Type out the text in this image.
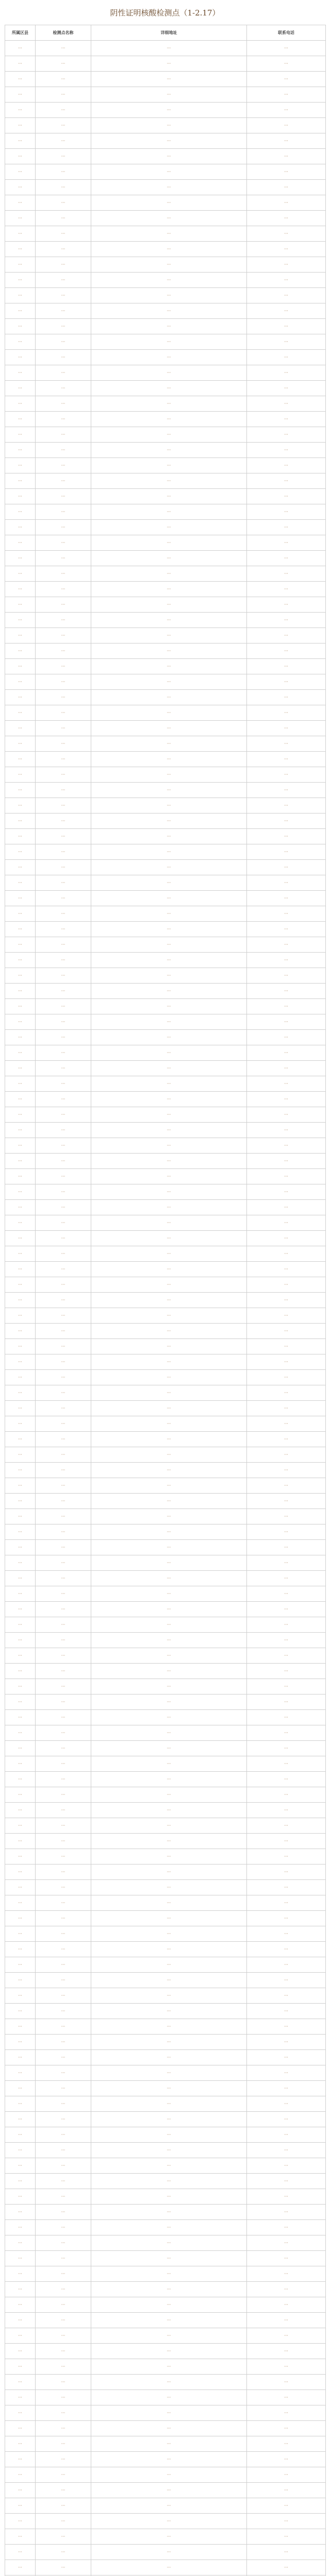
阴性证明核酸检测点（1-2.17）
所属区县	检测点名称	详细地址	联系电话
···	···	···	···
···	···	···	···
···	···	···	···
···	···	···	···
···	···	···	···
···	···	···	···
···	···	···	···
···	···	···	···
···	···	···	···
···	···	···	···
···	···	···	···
···	···	···	···
···	···	···	···
···	···	···	···
···	···	···	···
···	···	···	···
···	···	···	···
···	···	···	···
···	···	···	···
···	···	···	···
···	···	···	···
···	···	···	···
···	···	···	···
···	···	···	···
···	···	···	···
···	···	···	···
···	···	···	···
···	···	···	···
···	···	···	···
···	···	···	···
···	···	···	···
···	···	···	···
···	···	···	···
···	···	···	···
···	···	···	···
···	···	···	···
···	···	···	···
···	···	···	···
···	···	···	···
···	···	···	···
···	···	···	···
···	···	···	···
···	···	···	···
···	···	···	···
···	···	···	···
···	···	···	···
···	···	···	···
···	···	···	···
···	···	···	···
···	···	···	···
···	···	···	···
···	···	···	···
···	···	···	···
···	···	···	···
···	···	···	···
···	···	···	···
···	···	···	···
···	···	···	···
···	···	···	···
···	···	···	···
···	···	···	···
···	···	···	···
···	···	···	···
···	···	···	···
···	···	···	···
···	···	···	···
···	···	···	···
···	···	···	···
···	···	···	···
···	···	···	···
···	···	···	···
···	···	···	···
···	···	···	···
···	···	···	···
···	···	···	···
···	···	···	···
···	···	···	···
···	···	···	···
···	···	···	···
···	···	···	···
···	···	···	···
···	···	···	···
···	···	···	···
···	···	···	···
···	···	···	···
···	···	···	···
···	···	···	···
···	···	···	···
···	···	···	···
···	···	···	···
···	···	···	···
···	···	···	···
···	···	···	···
···	···	···	···
···	···	···	···
···	···	···	···
···	···	···	···
···	···	···	···
···	···	···	···
···	···	···	···
···	···	···	···
···	···	···	···
···	···	···	···
···	···	···	···
···	···	···	···
···	···	···	···
···	···	···	···
···	···	···	···
···	···	···	···
···	···	···	···
···	···	···	···
···	···	···	···
···	···	···	···
···	···	···	···
···	···	···	···
···	···	···	···
···	···	···	···
···	···	···	···
···	···	···	···
···	···	···	···
···	···	···	···
···	···	···	···
···	···	···	···
···	···	···	···
···	···	···	···
···	···	···	···
···	···	···	···
···	···	···	···
···	···	···	···
···	···	···	···
···	···	···	···
···	···	···	···
···	···	···	···
···	···	···	···
···	···	···	···
···	···	···	···
···	···	···	···
···	···	···	···
···	···	···	···
···	···	···	···
···	···	···	···
···	···	···	···
···	···	···	···
···	···	···	···
···	···	···	···
···	···	···	···
···	···	···	···
···	···	···	···
···	···	···	···
···	···	···	···
···	···	···	···
···	···	···	···
···	···	···	···
···	···	···	···
···	···	···	···
···	···	···	···
···	···	···	···
···	···	···	···
···	···	···	···
···	···	···	···
···	···	···	···
···	···	···	···
···	···	···	···
···	···	···	···
